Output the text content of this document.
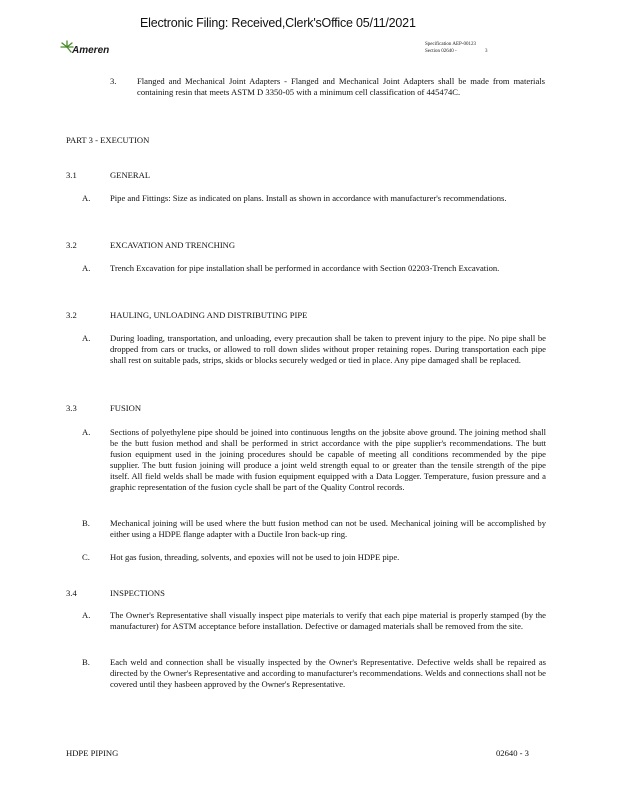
Electronic Filing: Received,Clerk'sOffice 05/11/2021
Ameren
Specification AEP-00123
Section 02640 -	3
3. Flanged and Mechanical Joint Adapters - Flanged and Mechanical Joint Adapters shall be made from materials containing resin that meets ASTM D 3350-05 with a minimum cell classification of 445474C.
PART 3 - EXECUTION
3.1	GENERAL
A. Pipe and Fittings: Size as indicated on plans. Install as shown in accordance with manufacturer's recommendations.
3.2	EXCAVATION AND TRENCHING
A. Trench Excavation for pipe installation shall be performed in accordance with Section 02203-Trench Excavation.
3.2	HAULING, UNLOADING AND DISTRIBUTING PIPE
A. During loading, transportation, and unloading, every precaution shall be taken to prevent injury to the pipe. No pipe shall be dropped from cars or trucks, or allowed to roll down slides without proper retaining ropes. During transportation each pipe shall rest on suitable pads, strips, skids or blocks securely wedged or tied in place. Any pipe damaged shall be replaced.
3.3	FUSION
A. Sections of polyethylene pipe should be joined into continuous lengths on the jobsite above ground. The joining method shall be the butt fusion method and shall be performed in strict accordance with the pipe supplier's recommendations. The butt fusion equipment used in the joining procedures should be capable of meeting all conditions recommended by the pipe supplier. The butt fusion joining will produce a joint weld strength equal to or greater than the tensile strength of the pipe itself. All field welds shall be made with fusion equipment equipped with a Data Logger. Temperature, fusion pressure and a graphic representation of the fusion cycle shall be part of the Quality Control records.
B. Mechanical joining will be used where the butt fusion method can not be used. Mechanical joining will be accomplished by either using a HDPE flange adapter with a Ductile Iron back-up ring.
C. Hot gas fusion, threading, solvents, and epoxies will not be used to join HDPE pipe.
3.4	INSPECTIONS
A. The Owner's Representative shall visually inspect pipe materials to verify that each pipe material is properly stamped (by the manufacturer) for ASTM acceptance before installation. Defective or damaged materials shall be removed from the site.
B. Each weld and connection shall be visually inspected by the Owner's Representative. Defective welds shall be repaired as directed by the Owner's Representative and according to manufacturer's recommendations. Welds and connections shall not be covered until they hasbeen approved by the Owner's Representative.
HDPE PIPING	02640 - 3
